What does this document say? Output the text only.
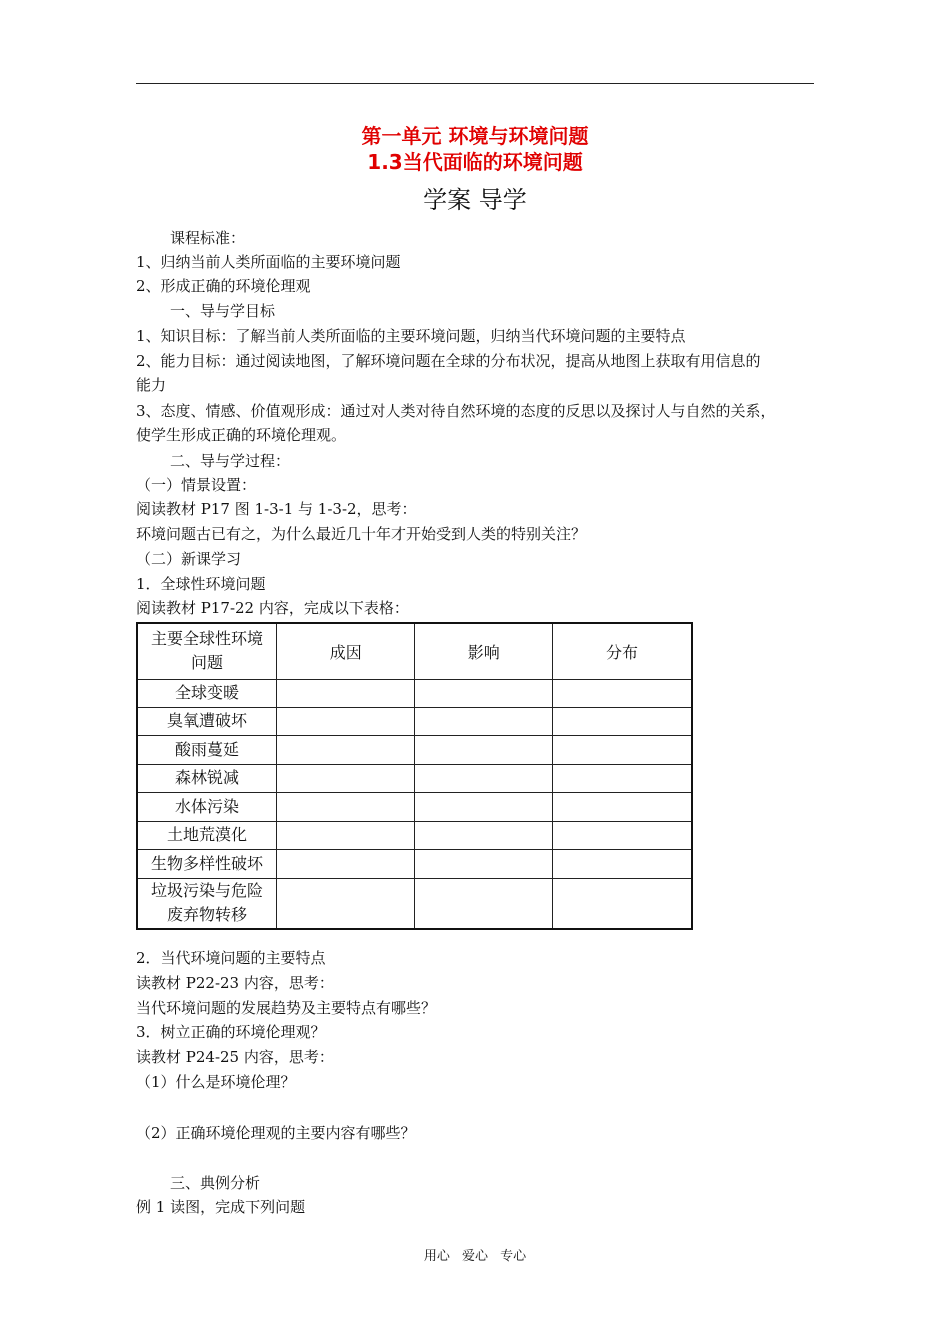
第一单元 环境与环境问题
1.3当代面临的环境问题
学案 导学
课程标准：
1、归纳当前人类所面临的主要环境问题
2、形成正确的环境伦理观
一、导与学目标
1、知识目标：了解当前人类所面临的主要环境问题，归纳当代环境问题的主要特点
2、能力目标：通过阅读地图，了解环境问题在全球的分布状况，提高从地图上获取有用信息的
能力
3、态度、情感、价值观形成：通过对人类对待自然环境的态度的反思以及探讨人与自然的关系，
使学生形成正确的环境伦理观。
二、导与学过程：
（一）情景设置：
阅读教材 P17 图 1-3-1 与 1-3-2，思考：
环境问题古已有之，为什么最近几十年才开始受到人类的特别关注？
（二）新课学习
1．全球性环境问题
阅读教材 P17-22 内容，完成以下表格：
主要全球性环境
问题	成因	影响	分布
全球变暖			
臭氧遭破坏			
酸雨蔓延			
森林锐减			
水体污染			
土地荒漠化			
生物多样性破坏			

垃圾污染与危险
废弃物转移			

2．当代环境问题的主要特点
读教材 P22-23 内容，思考：
当代环境问题的发展趋势及主要特点有哪些？
3．树立正确的环境伦理观？
读教材 P24-25 内容，思考：
（1）什么是环境伦理？
（2）正确环境伦理观的主要内容有哪些？
三、典例分析
例 1 读图，完成下列问题
用心 爱心 专心
